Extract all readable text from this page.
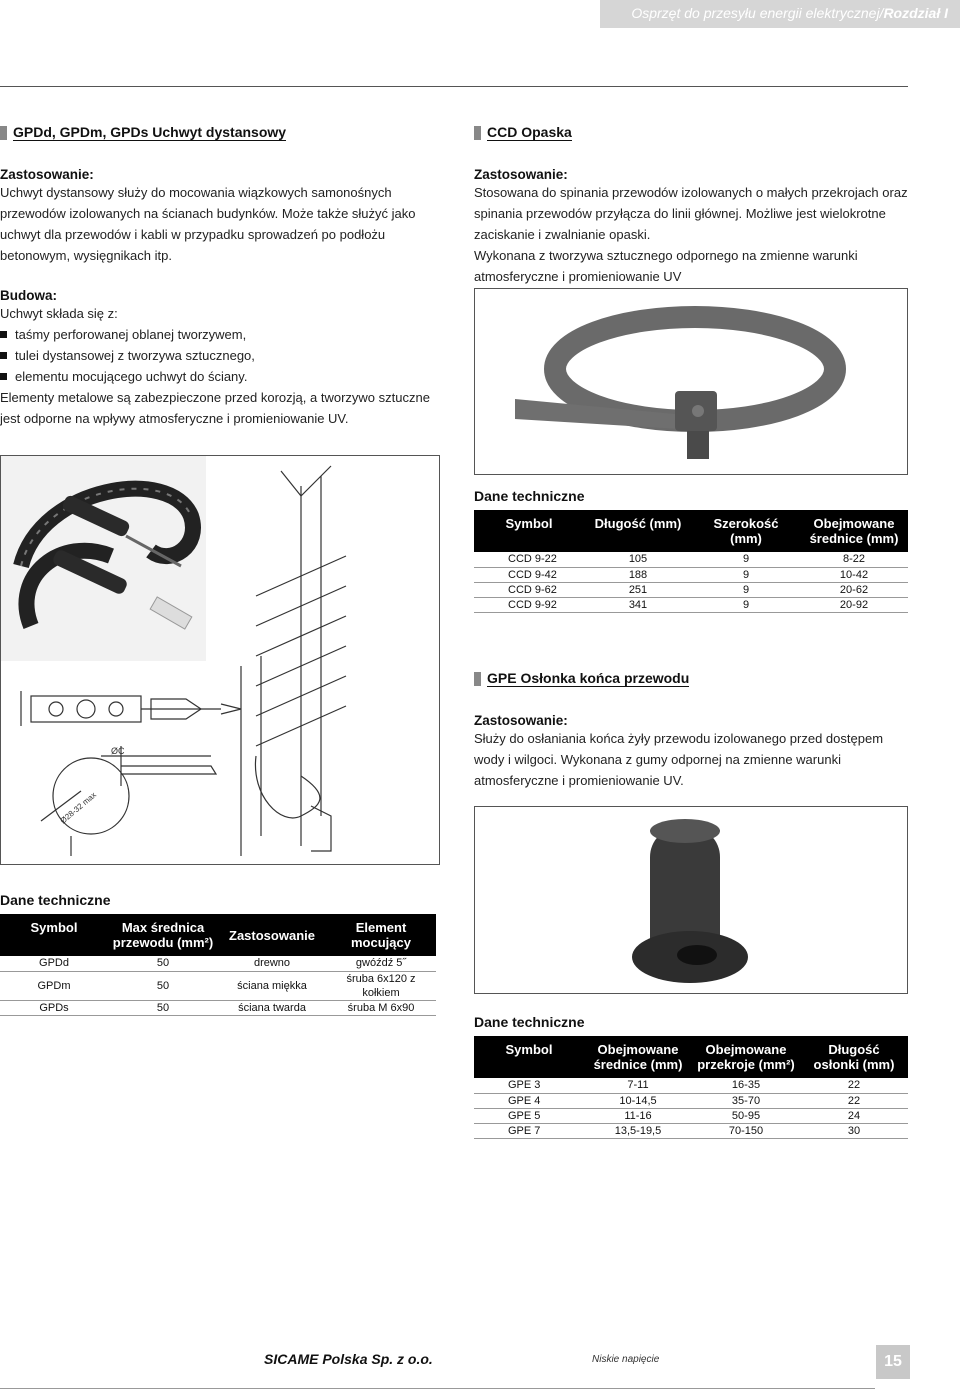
Osprzęt do przesyłu energii elektrycznej/Rozdział I
GPDd, GPDm, GPDs Uchwyt dystansowy
Zastosowanie:

Uchwyt dystansowy służy do mocowania wiązkowych samonośnych przewodów izolowanych na ścianach budynków. Może także służyć jako uchwyt dla przewodów i kabli w przypadku sprowadzeń po podłożu betonowym, wysięgnikach itp.

Budowa:

Uchwyt składa się z:

taśmy perforowanej oblanej tworzywem,
tulei dystansowej z tworzywa sztucznego,
elementu mocującego uchwyt do ściany.

Elementy metalowe są zabezpieczone przed korozją, a tworzywo sztuczne jest odporne na wpływy atmosferyczne i promieniowanie UV.

ØC
Ø28-32 max
Dane techniczne
Symbol	Max średnica przewodu (mm²)	Zastosowanie	Element mocujący
GPDd	50	drewno	gwóźdź 5˝
GPDm	50	ściana miękka	śruba 6x120 z kołkiem
GPDs	50	ściana twarda	śruba M 6x90
CCD Opaska
Zastosowanie:

Stosowana do spinania przewodów izolowanych o małych przekrojach oraz spinania przewodów przyłącza do linii głównej. Możliwe jest wielokrotne zaciskanie i zwalnianie opaski.

Wykonana z tworzywa sztucznego odpornego na zmienne warunki atmosferyczne i promieniowanie UV

Dane techniczne
Symbol	Długość (mm)	Szerokość (mm)	Obejmowane średnice (mm)
CCD 9-22	105	9	8-22
CCD 9-42	188	9	10-42
CCD 9-62	251	9	20-62
CCD 9-92	341	9	20-92
GPE Osłonka końca przewodu
Zastosowanie:

Służy do osłaniania końca żyły przewodu izolowanego przed dostępem wody i wilgoci. Wykonana z gumy odpornej na zmienne warunki atmosferyczne i promieniowanie UV.

Dane techniczne
Symbol	Obejmowane średnice (mm)	Obejmowane przekroje (mm²)	Długość osłonki (mm)
GPE 3	7-11	16-35	22
GPE 4	10-14,5	35-70	22
GPE 5	11-16	50-95	24
GPE 7	13,5-19,5	70-150	30
SICAME Polska Sp. z o.o.	Niskie napięcie	15
